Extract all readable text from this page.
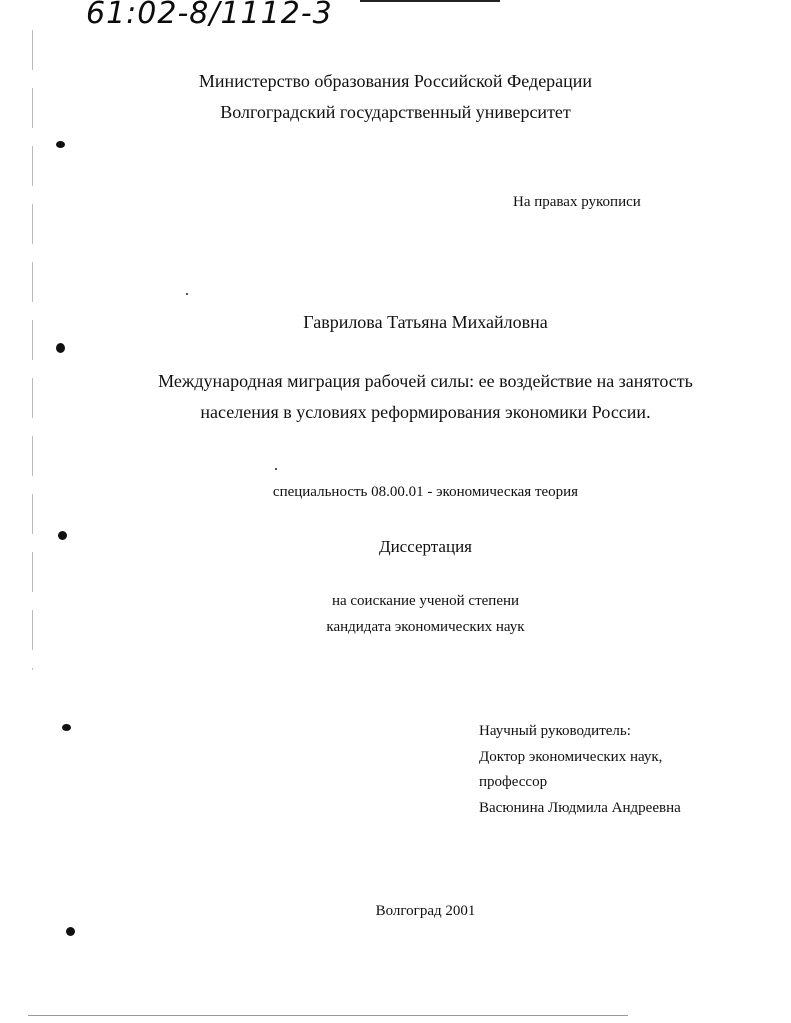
61:02-8/1112-3
Министерство образования Российской Федерации
Волгоградский государственный университет
На правах рукописи
Гаврилова Татьяна Михайловна
Международная миграция рабочей силы: ее воздействие на занятость
населения в условиях реформирования экономики России.
специальность 08.00.01 - экономическая теория
Диссертация
на соискание ученой степени
кандидата экономических наук
Научный руководитель:
Доктор экономических наук,
профессор
Васюнина Людмила Андреевна
Волгоград 2001
